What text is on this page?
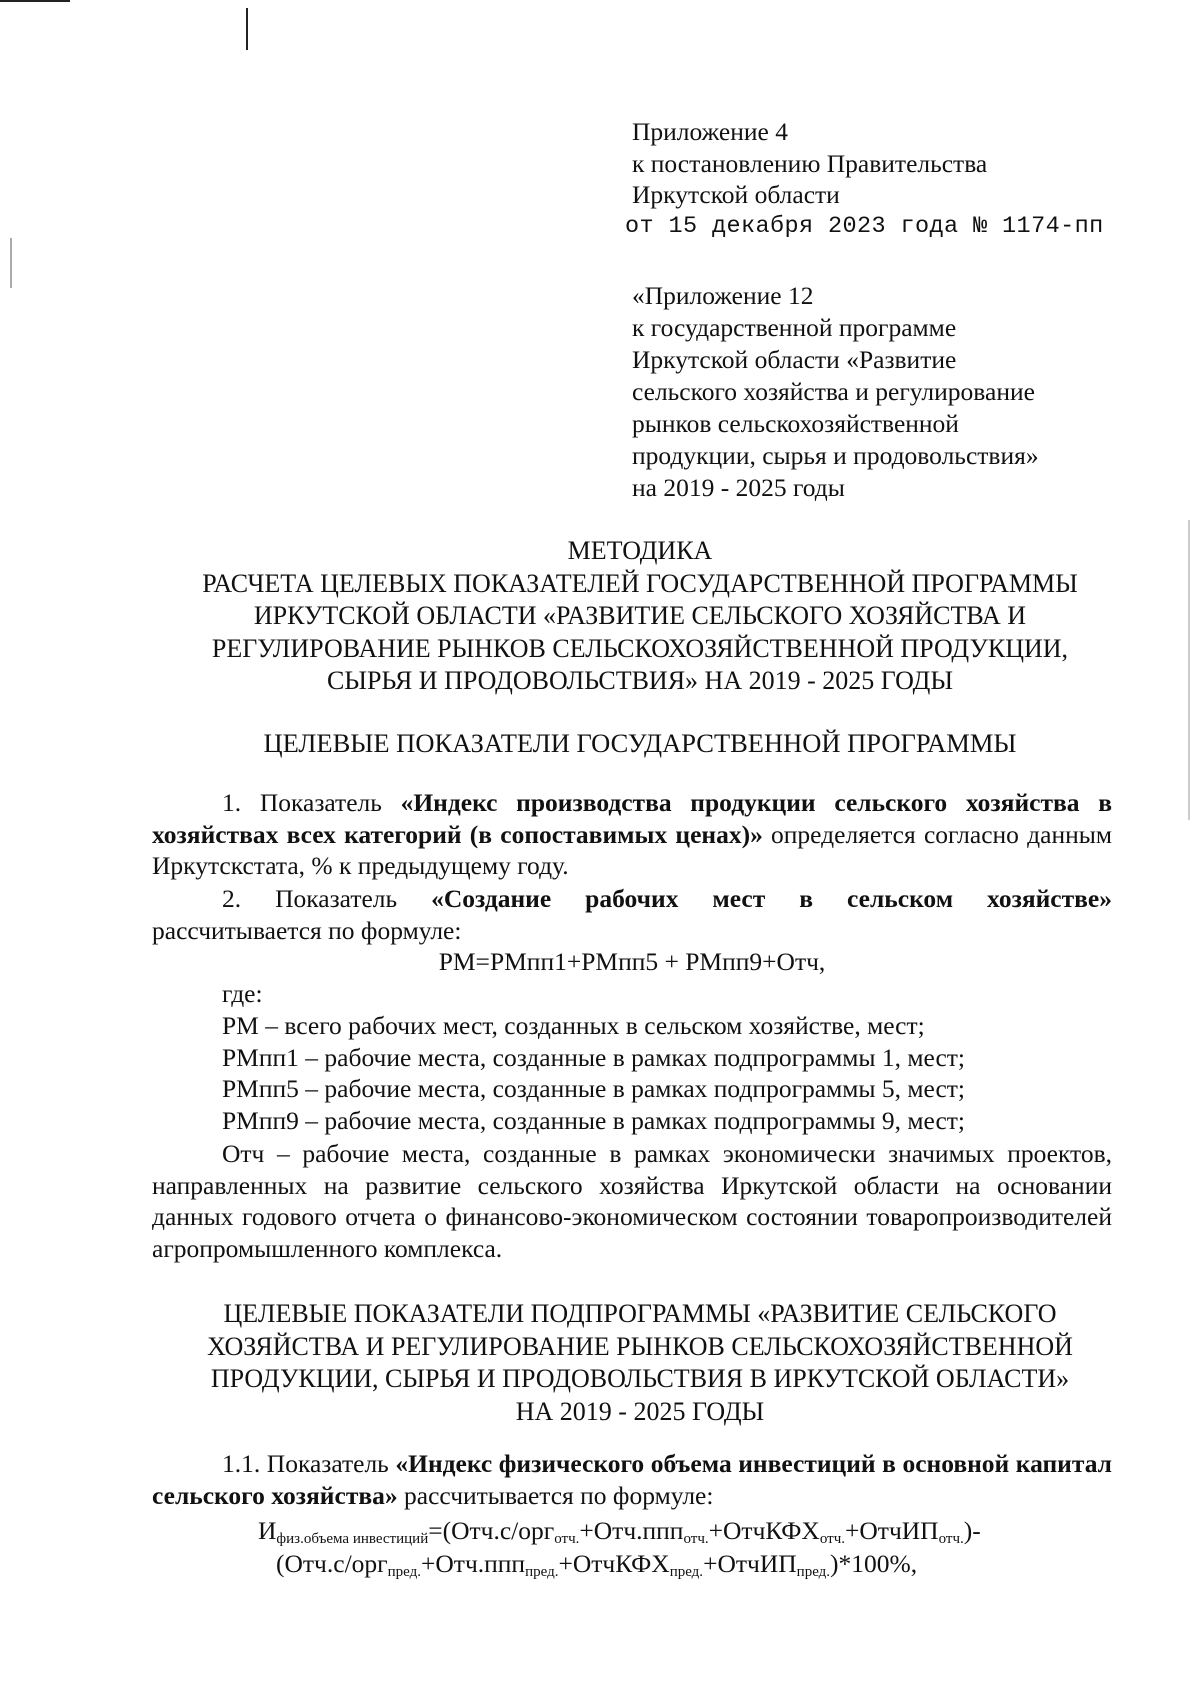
Приложение 4
к постановлению Правительства
Иркутской области
от 15 декабря 2023 года № 1174-пп
«Приложение 12
к государственной программе
Иркутской области «Развитие
сельского хозяйства и регулирование
рынков сельскохозяйственной
продукции, сырья и продовольствия»
на 2019 - 2025 годы
МЕТОДИКА
РАСЧЕТА ЦЕЛЕВЫХ ПОКАЗАТЕЛЕЙ ГОСУДАРСТВЕННОЙ ПРОГРАММЫ
ИРКУТСКОЙ ОБЛАСТИ «РАЗВИТИЕ СЕЛЬСКОГО ХОЗЯЙСТВА И
РЕГУЛИРОВАНИЕ РЫНКОВ СЕЛЬСКОХОЗЯЙСТВЕННОЙ ПРОДУКЦИИ,
СЫРЬЯ И ПРОДОВОЛЬСТВИЯ» НА 2019 - 2025 ГОДЫ
ЦЕЛЕВЫЕ ПОКАЗАТЕЛИ ГОСУДАРСТВЕННОЙ ПРОГРАММЫ

1. Показатель «Индекс производства продукции сельского хозяйства в хозяйствах всех категорий (в сопоставимых ценах)» определяется согласно данным Иркутскстата, % к предыдущему году.

2. Показатель «Создание рабочих мест в сельском хозяйстве»

рассчитывается по формуле:
РМ=РМпп1+РМпп5 + РМпп9+Отч,
где:
РМ – всего рабочих мест, созданных в сельском хозяйстве, мест;
РМпп1 – рабочие места, созданные в рамках подпрограммы 1, мест;
РМпп5 – рабочие места, созданные в рамках подпрограммы 5, мест;
РМпп9 – рабочие места, созданные в рамках подпрограммы 9, мест;

Отч – рабочие места, созданные в рамках экономически значимых проектов, направленных на развитие сельского хозяйства Иркутской области на основании данных годового отчета о финансово-экономическом состоянии товаропроизводителей агропромышленного комплекса.

ЦЕЛЕВЫЕ ПОКАЗАТЕЛИ ПОДПРОГРАММЫ «РАЗВИТИЕ СЕЛЬСКОГО
ХОЗЯЙСТВА И РЕГУЛИРОВАНИЕ РЫНКОВ СЕЛЬСКОХОЗЯЙСТВЕННОЙ
ПРОДУКЦИИ, СЫРЬЯ И ПРОДОВОЛЬСТВИЯ В ИРКУТСКОЙ ОБЛАСТИ»
НА 2019 - 2025 ГОДЫ

1.1. Показатель «Индекс физического объема инвестиций в основной капитал сельского хозяйства» рассчитывается по формуле:

$И_{физ.объема инвестиций}=(Отч.с/орг_{отч.}+Отч.ппп_{отч.}+ОтчКФХ_{отч.}+ОтчИП_{отч.})-$
(Отч.с/орг$_{пред.}$+Отч.ппп$_{пред.}$+ОтчКФХ$_{пред.}$+ОтчИП$_{пред.}$)*100%,
